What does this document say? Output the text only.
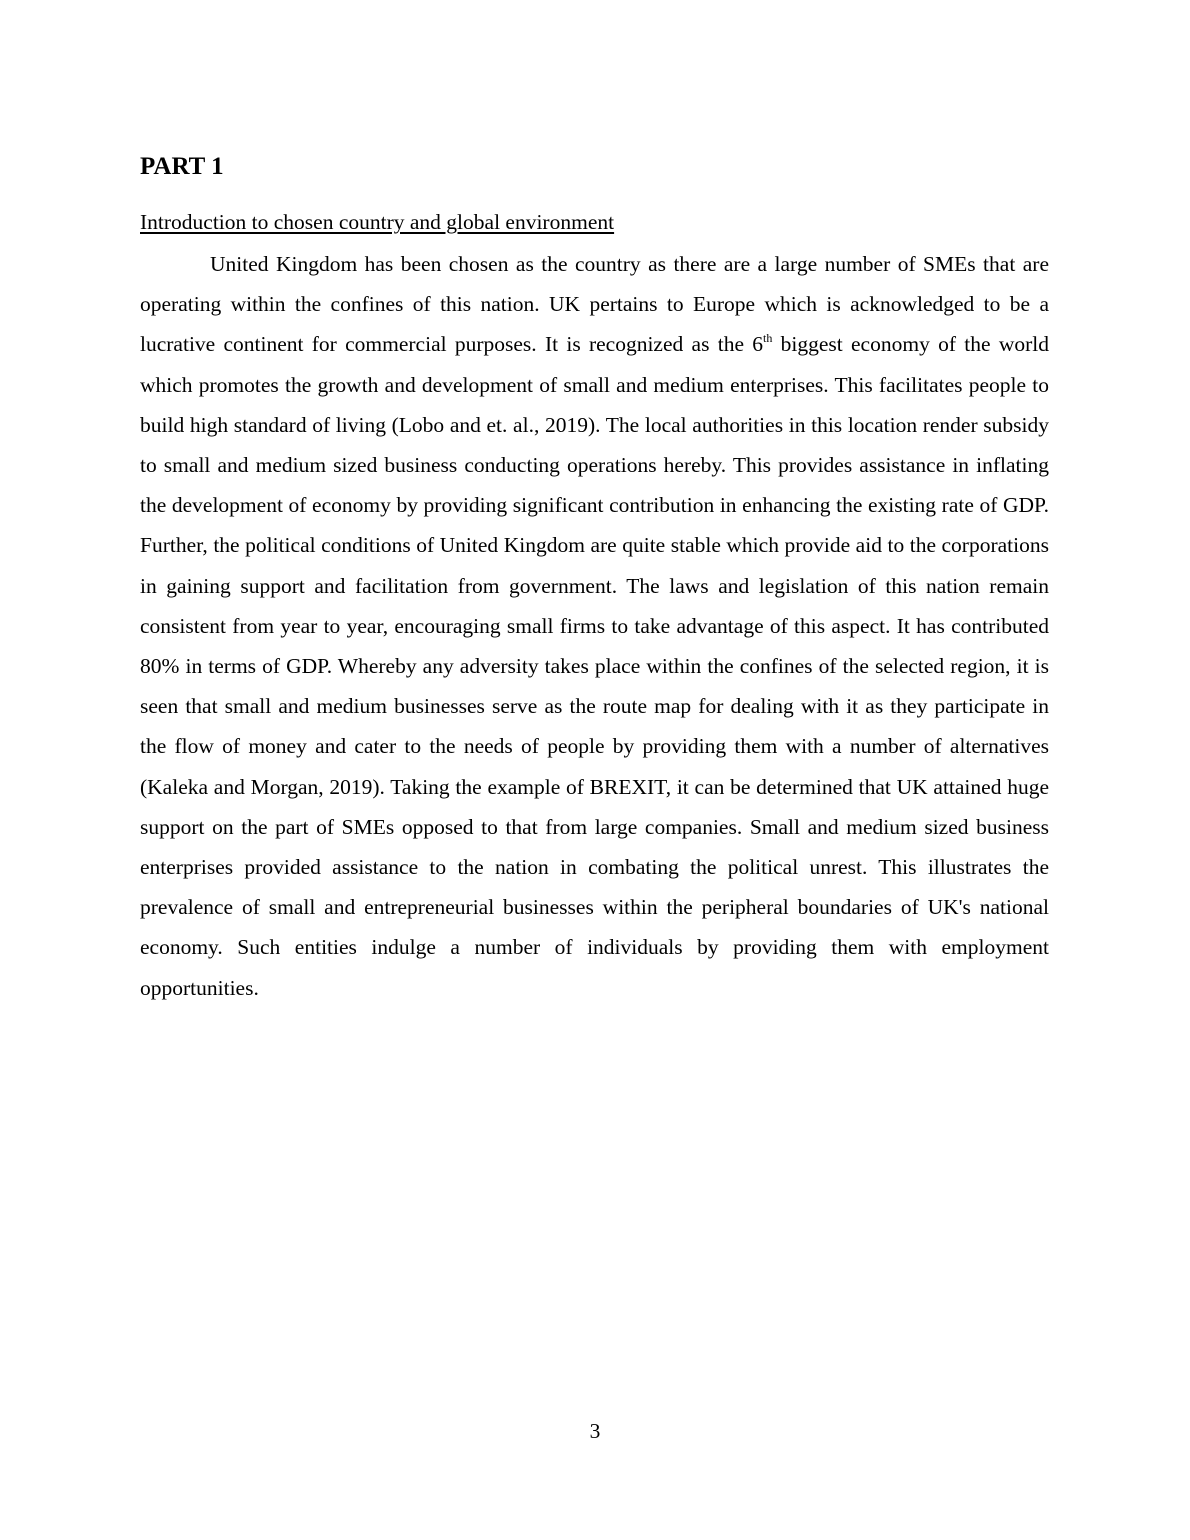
PART 1

Introduction to chosen country and global environment

United Kingdom has been chosen as the country as there are a large number of SMEs that are operating within the confines of this nation. UK pertains to Europe which is acknowledged to be a lucrative continent for commercial purposes. It is recognized as the 6th biggest economy of the world which promotes the growth and development of small and medium enterprises. This facilitates people to build high standard of living (Lobo and et. al., 2019). The local authorities in this location render subsidy to small and medium sized business conducting operations hereby. This provides assistance in inflating the development of economy by providing significant contribution in enhancing the existing rate of GDP. Further, the political conditions of United Kingdom are quite stable which provide aid to the corporations in gaining support and facilitation from government. The laws and legislation of this nation remain consistent from year to year, encouraging small firms to take advantage of this aspect. It has contributed 80% in terms of GDP. Whereby any adversity takes place within the confines of the selected region, it is seen that small and medium businesses serve as the route map for dealing with it as they participate in the flow of money and cater to the needs of people by providing them with a number of alternatives (Kaleka and Morgan, 2019). Taking the example of BREXIT, it can be determined that UK attained huge support on the part of SMEs opposed to that from large companies. Small and medium sized business enterprises provided assistance to the nation in combating the political unrest. This illustrates the prevalence of small and entrepreneurial businesses within the peripheral boundaries of UK's national economy. Such entities indulge a number of individuals by providing them with employment opportunities.

3
